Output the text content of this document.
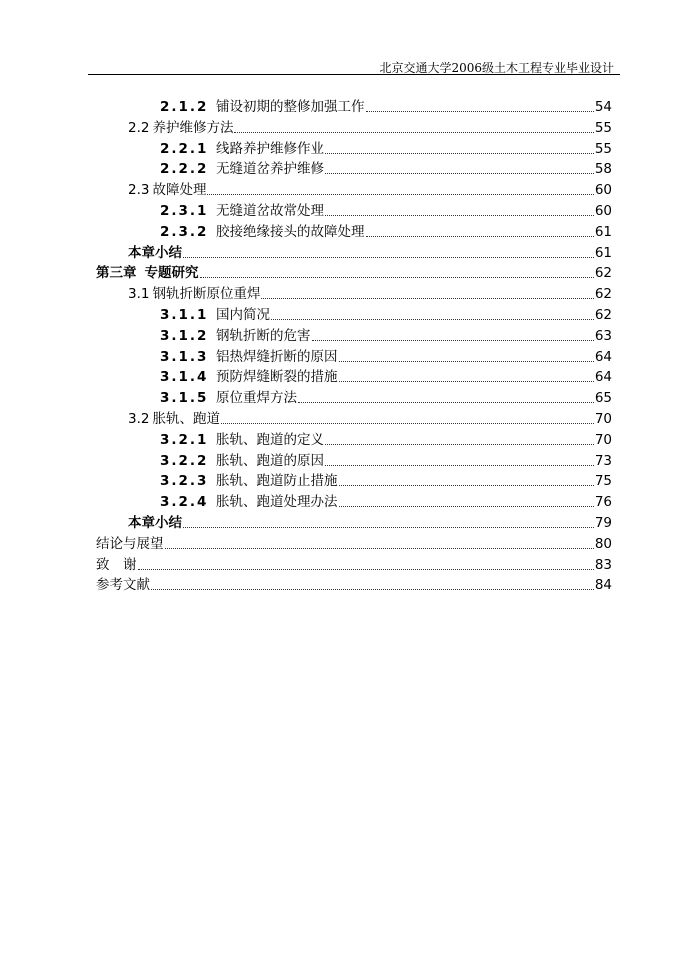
北京交通大学2006级土木工程专业毕业设计
2.1.2 铺设初期的整修加强工作	54
2.2 养护维修方法	55
2.2.1 线路养护维修作业	55
2.2.2 无缝道岔养护维修	58
2.3 故障处理	60
2.3.1 无缝道岔故常处理	60
2.3.2 胶接绝缘接头的故障处理	61
本章小结	61
第三章 专题研究	62
3.1 钢轨折断原位重焊	62
3.1.1 国内简况	62
3.1.2 钢轨折断的危害	63
3.1.3 铝热焊缝折断的原因	64
3.1.4 预防焊缝断裂的措施	64
3.1.5 原位重焊方法	65
3.2 胀轨、跑道	70
3.2.1 胀轨、跑道的定义	70
3.2.2 胀轨、跑道的原因	73
3.2.3 胀轨、跑道防止措施	75
3.2.4 胀轨、跑道处理办法	76
本章小结	79
结论与展望	80
致　谢	83
参考文献	84
